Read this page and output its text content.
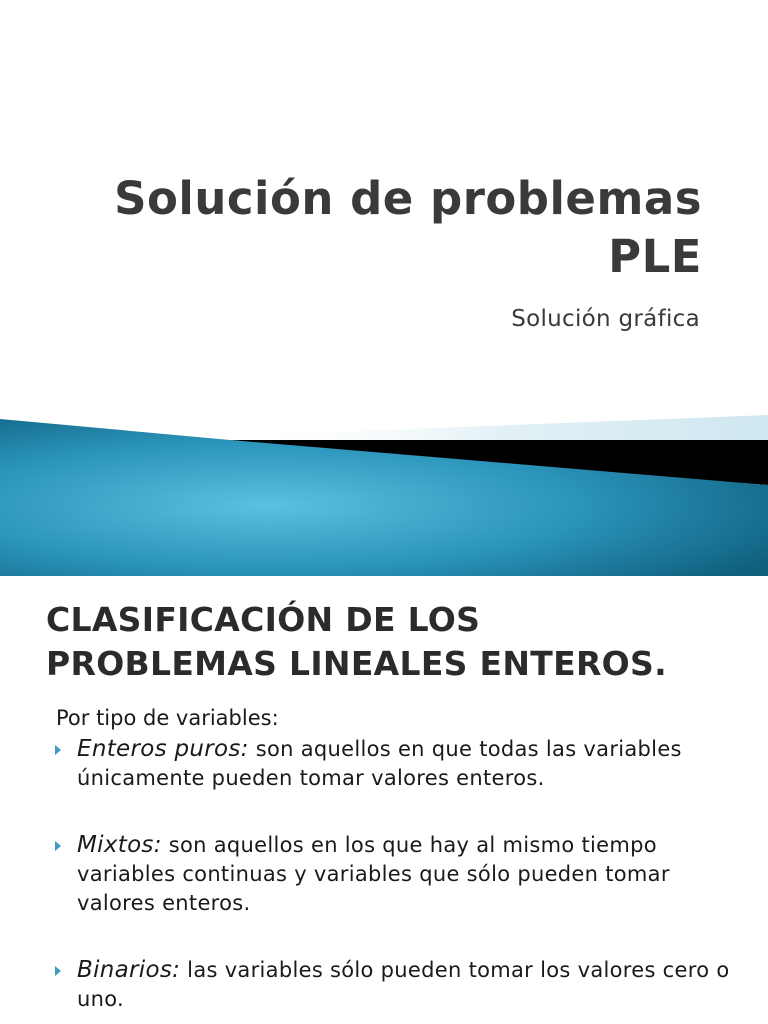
Solución de problemas
PLE
Solución gráfica
CLASIFICACIÓN DE LOS
PROBLEMAS LINEALES ENTEROS.

Por tipo de variables:

Enteros puros: son aquellos en que todas las variables únicamente pueden tomar valores enteros.
Mixtos: son aquellos en los que hay al mismo tiempo variables continuas y variables que sólo pueden tomar valores enteros.
Binarios: las variables sólo pueden tomar los valores cero o uno.
